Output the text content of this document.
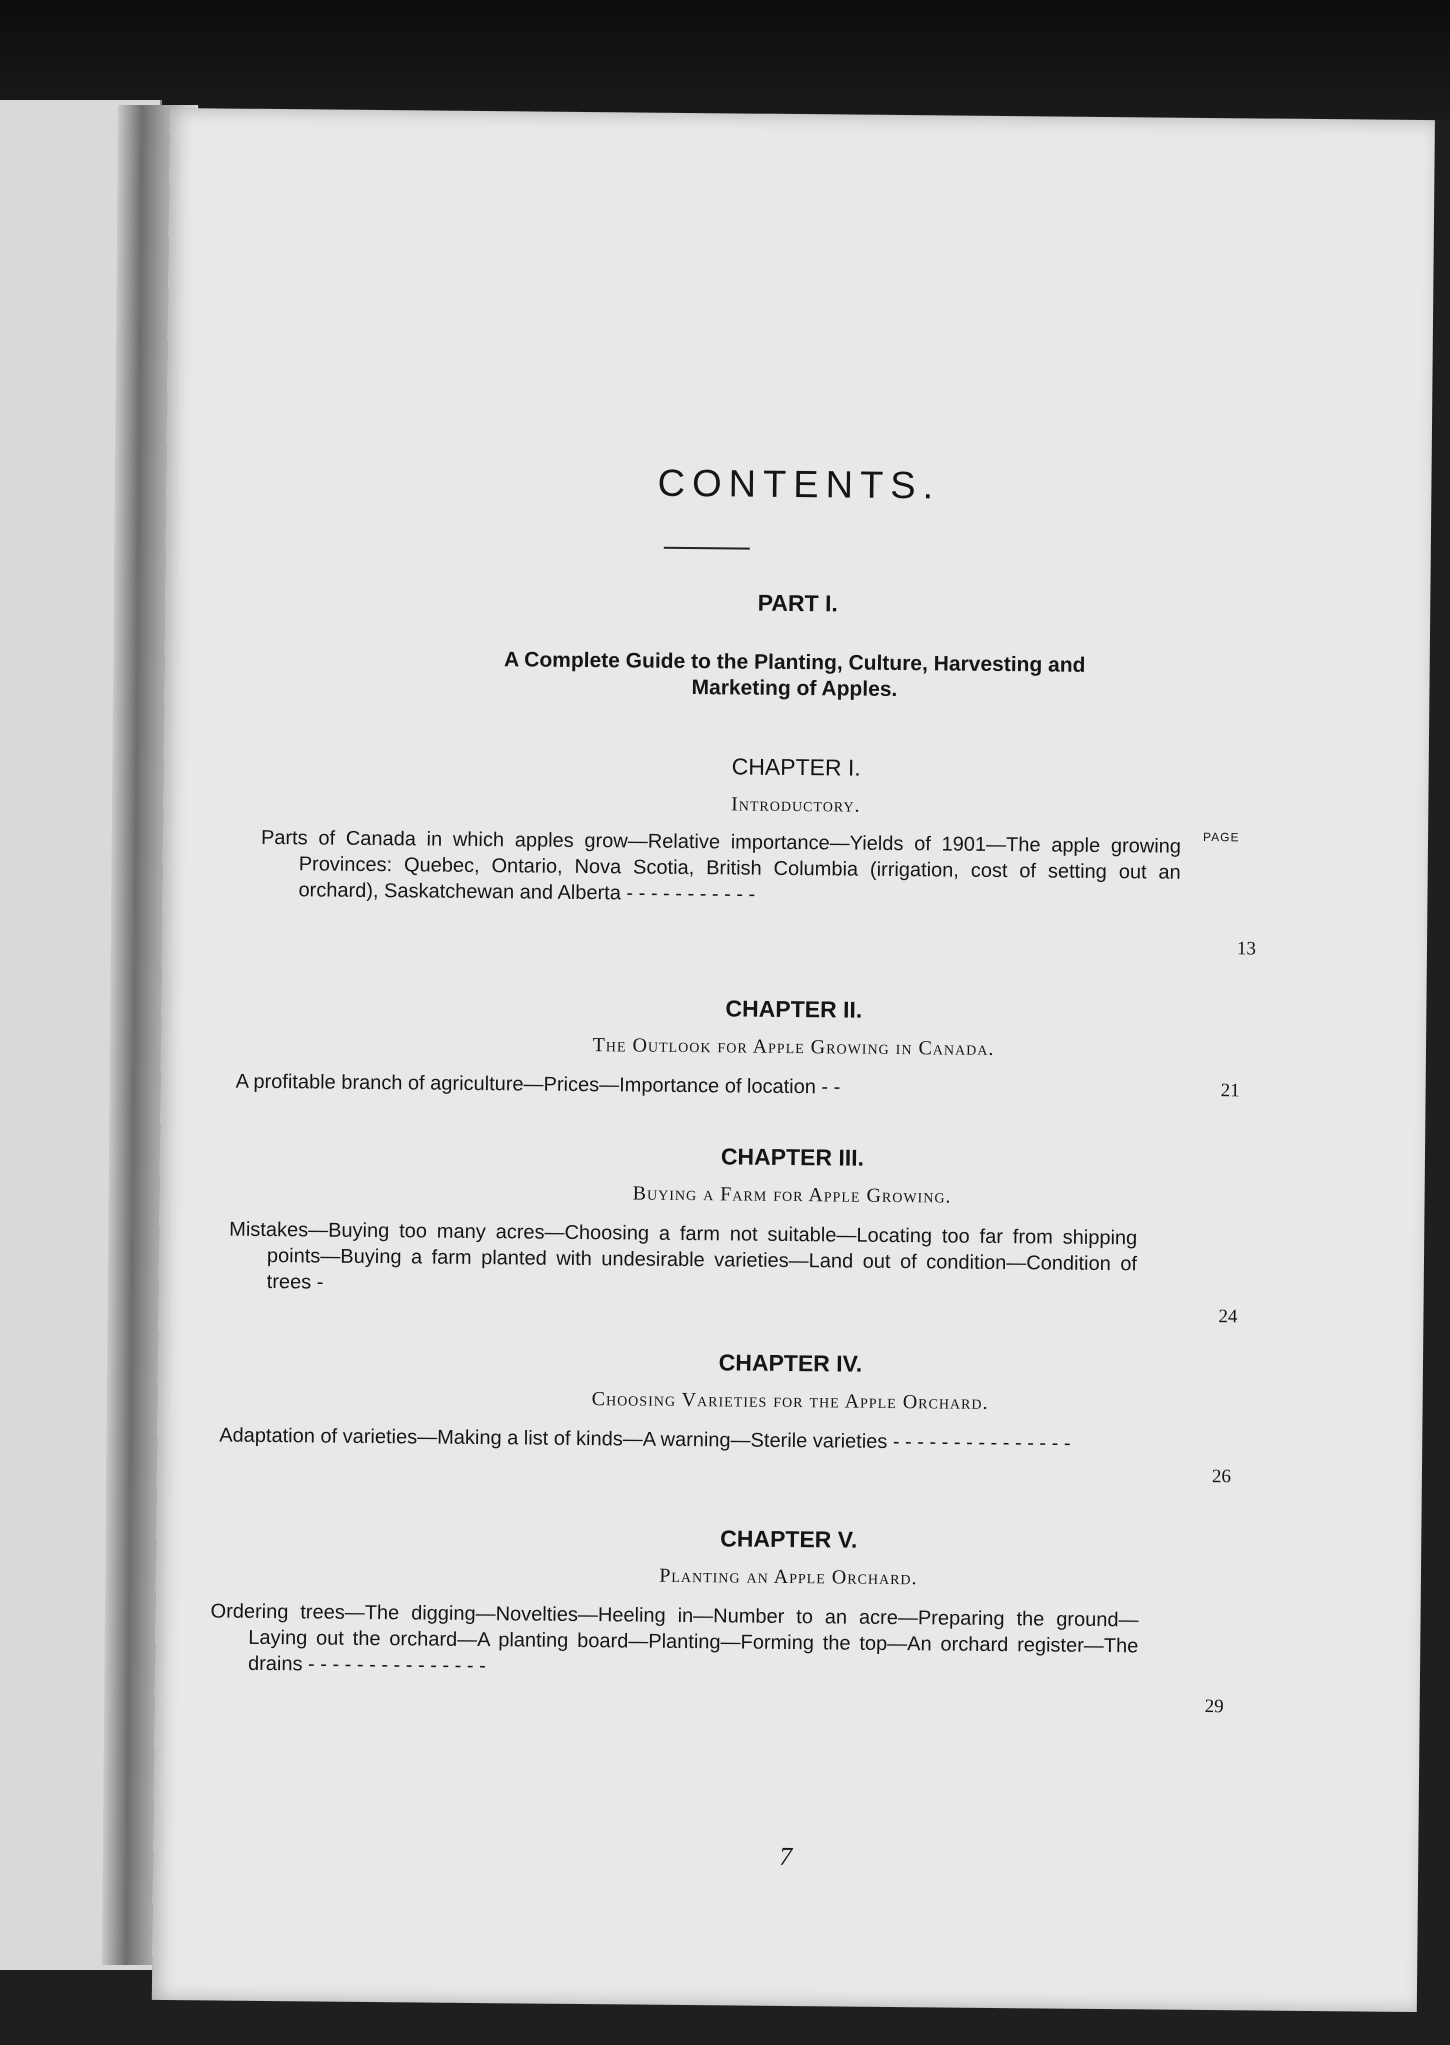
CONTENTS.
PART I.
A Complete Guide to the Planting, Culture, Harvesting and Marketing of Apples.
CHAPTER I.
Introductory.
PAGE
Parts of Canada in which apples grow—Relative importance—Yields of 1901—The apple growing Provinces: Quebec, Ontario, Nova Scotia, British Columbia (irrigation, cost of setting out an orchard), Saskatchewan and Alberta - - - - - - - - - - -
13
CHAPTER II.
The Outlook for Apple Growing in Canada.
A profitable branch of agriculture—Prices—Importance of location - -	21
CHAPTER III.
Buying a Farm for Apple Growing.
Mistakes—Buying too many acres—Choosing a farm not suitable—Locating too far from shipping points—Buying a farm planted with undesirable varieties—Land out of condition—Condition of trees -
24
CHAPTER IV.
Choosing Varieties for the Apple Orchard.
Adaptation of varieties—Making a list of kinds—A warning—Sterile varieties - - - - - - - - - - - - - - -
26
CHAPTER V.
Planting an Apple Orchard.
Ordering trees—The digging—Novelties—Heeling in—Number to an acre—Preparing the ground—Laying out the orchard—A planting board—Planting—Forming the top—An orchard register—The drains - - - - - - - - - - - - - - -
29
7
